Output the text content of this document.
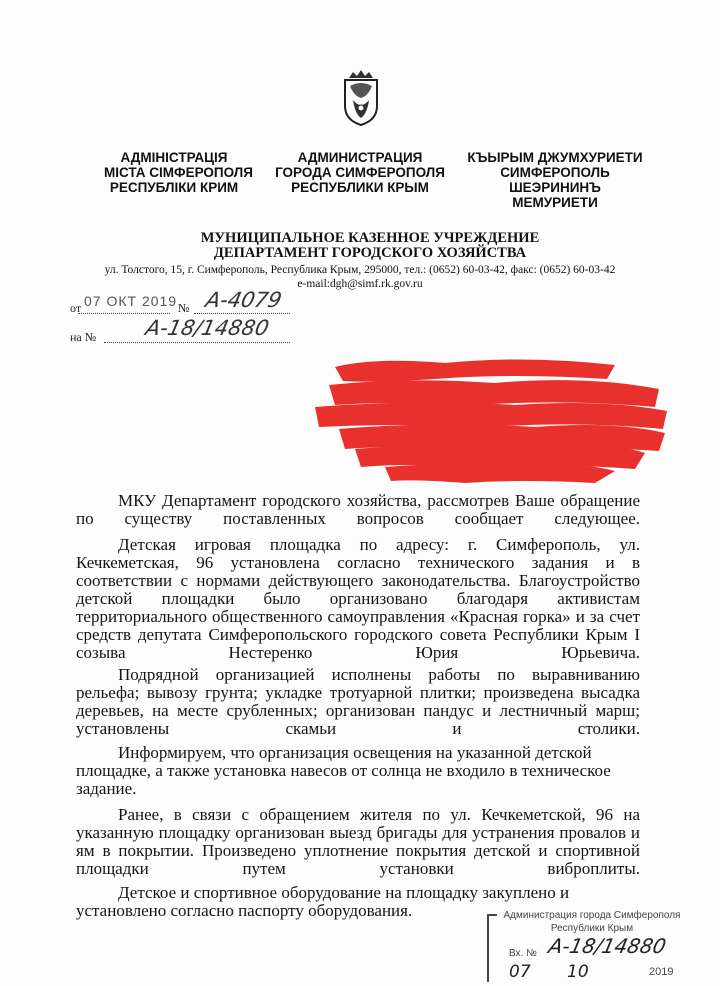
АДМІНІСТРАЦІЯ
МІСТА СІМФЕРОПОЛЯ
РЕСПУБЛІКИ КРИМ
АДМИНИСТРАЦИЯ
ГОРОДА СИМФЕРОПОЛЯ
РЕСПУБЛИКИ КРЫМ
КЪЫРЫМ ДЖУМХУРИЕТИ
СИМФЕРОПОЛЬ
ШЕЭРИНИНЪ
МЕМУРИЕТИ
МУНИЦИПАЛЬНОЕ КАЗЕННОЕ УЧРЕЖДЕНИЕ
ДЕПАРТАМЕНТ ГОРОДСКОГО ХОЗЯЙСТВА
ул. Толстого, 15, г. Симферополь, Республика Крым, 295000, тел.: (0652) 60-03-42, факс: (0652) 60-03-42
e-mail:dgh@simf.rk.gov.ru
от 07 ОКТ 2019 № А-4079
на № А-18/14880
МКУ Департамент городского хозяйства, рассмотрев Ваше обращение по существу поставленных вопросов сообщает следующее.
Детская игровая площадка по адресу: г. Симферополь, ул. Кечкеметская, 96 установлена согласно технического задания и в соответствии с нормами действующего законодательства. Благоустройство детской площадки было организовано благодаря активистам территориального общественного самоуправления «Красная горка» и за счет средств депутата Симферопольского городского совета Республики Крым I созыва Нестеренко Юрия Юрьевича.
Подрядной организацией исполнены работы по выравниванию рельефа; вывозу грунта; укладке тротуарной плитки; произведена высадка деревьев, на месте срубленных; организован пандус и лестничный марш; установлены скамьи и столики.
Информируем, что организация освещения на указанной детской площадке, а также установка навесов от солнца не входило в техническое задание.
Ранее, в связи с обращением жителя по ул. Кечкеметской, 96 на указанную площадку организован выезд бригады для устранения провалов и ям в покрытии. Произведено уплотнение покрытия детской и спортивной площадки путем установки виброплиты.
Детское и спортивное оборудование на площадку закуплено и установлено согласно паспорту оборудования.	Администрация города Симферополя
Республики Крым
Вх. № А-18/14880
07 10	2019
